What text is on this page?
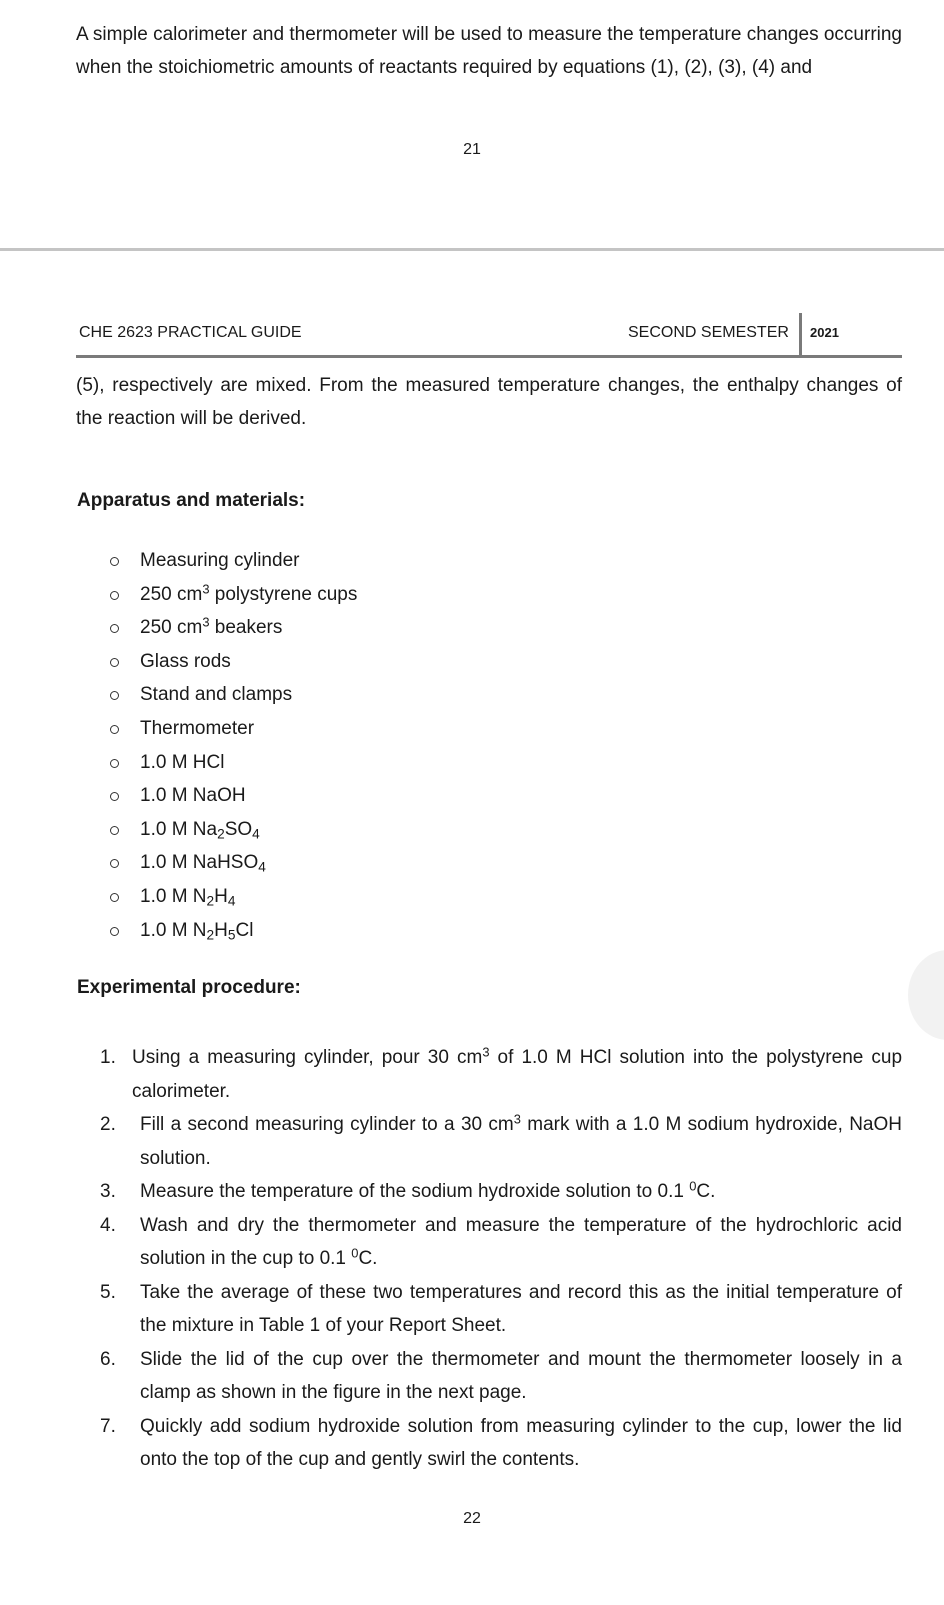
A simple calorimeter and thermometer will be used to measure the temperature changes occurring when the stoichiometric amounts of reactants required by equations (1), (2), (3), (4) and

21
CHE 2623 PRACTICAL GUIDE	SECOND SEMESTER 2021

(5), respectively are mixed. From the measured temperature changes, the enthalpy changes of the reaction will be derived.

Apparatus and materials:
Measuring cylinder
250 $cm^3$ polystyrene cups
250 $cm^3$ beakers
Glass rods
Stand and clamps
Thermometer
1.0 M HCl
1.0 M NaOH
1.0 M $Na_2SO_4$
1.0 M NaHSO$_4$
1.0 M $N_2H_4$
1.0 M $N_2H_5Cl$
Experimental procedure:
1. Using a measuring cylinder, pour 30 $cm^3$ of 1.0 M HCl solution into the polystyrene cup calorimeter.
2. Fill a second measuring cylinder to a 30 $cm^3$ mark with a 1.0 M sodium hydroxide, NaOH solution.
3. Measure the temperature of the sodium hydroxide solution to 0.1 $^0$C.
4. Wash and dry the thermometer and measure the temperature of the hydrochloric acid solution in the cup to 0.1 $^0$C.
5. Take the average of these two temperatures and record this as the initial temperature of the mixture in Table 1 of your Report Sheet.
6. Slide the lid of the cup over the thermometer and mount the thermometer loosely in a clamp as shown in the figure in the next page.
7. Quickly add sodium hydroxide solution from measuring cylinder to the cup, lower the lid onto the top of the cup and gently swirl the contents.
22
